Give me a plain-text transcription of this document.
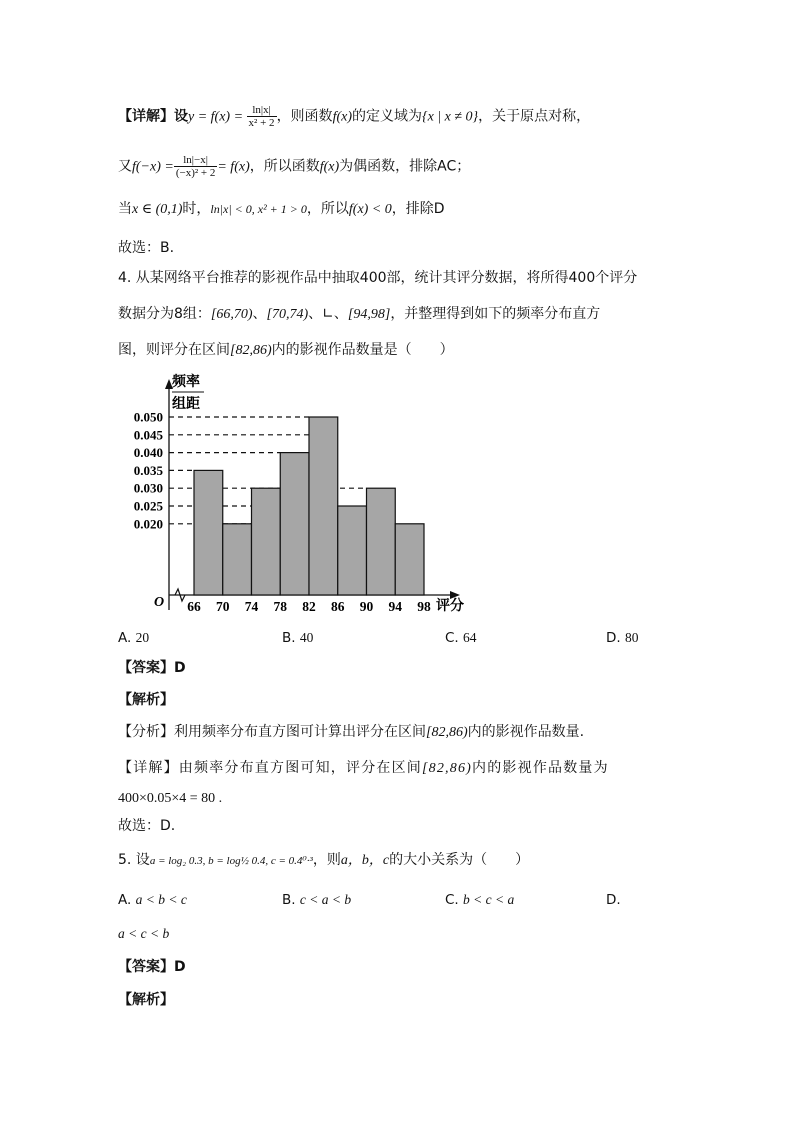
【详解】设$y = f(x) = \frac{\ln|x|}{\text{x² + 2}}$ ，则函数f(x)的定义域为{x | x ≠ 0}，关于原点对称，
又$f(-x) = \frac{\ln|-x|}{\text{(−x)² + 2}} = f(x)$，所以函数f(x)为偶函数，排除AC；
当x ∈ (0,1)时，ln|x| < 0, x² + 1 > 0，所以f(x) < 0，排除D
故选：B.
4. 从某网络平台推荐的影视作品中抽取400部，统计其评分数据，将所得400个评分
数据分为8组：[66,70)、[70,74)、∟、[94,98]，并整理得到如下的频率分布直方
图，则评分在区间[82,86)内的影视作品数量是（　　）
频率
组距
O	评分
0.050
0.045
0.040
0.035
0.030
0.025
0.020
66 70 74 78 82 86 90 94 98
A. 20	B. 40	C. 64	D. 80
【答案】D
【解析】
【分析】利用频率分布直方图可计算出评分在区间[82,86)内的影视作品数量.
【详解】由频率分布直方图可知，评分在区间[82,86)内的影视作品数量为
400×0.05×4 = 80 .
故选：D.
5. 设a = log₂ 0.3, b = log½ 0.4, c = 0.4⁰·³，则a，b，c的大小关系为（　　）
A. a < b < c	B. c < a < b	C. b < c < a	D.
a < c < b
【答案】D
【解析】
